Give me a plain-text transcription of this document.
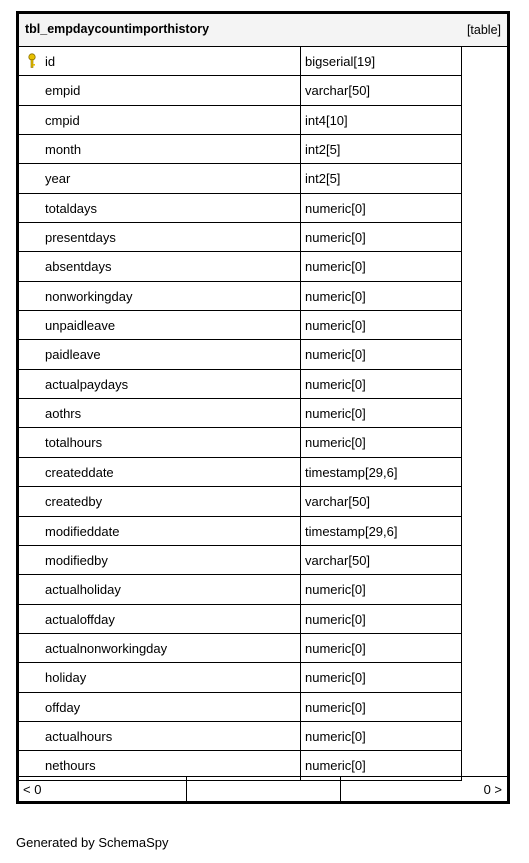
tbl_empdaycountimporthistory	[table]
id	bigserial[19]
empid	varchar[50]
cmpid	int4[10]
month	int2[5]
year	int2[5]
totaldays	numeric[0]
presentdays	numeric[0]
absentdays	numeric[0]
nonworkingday	numeric[0]
unpaidleave	numeric[0]
paidleave	numeric[0]
actualpaydays	numeric[0]
aothrs	numeric[0]
totalhours	numeric[0]
createddate	timestamp[29,6]
createdby	varchar[50]
modifieddate	timestamp[29,6]
modifiedby	varchar[50]
actualholiday	numeric[0]
actualoffday	numeric[0]
actualnonworkingday	numeric[0]
holiday	numeric[0]
offday	numeric[0]
actualhours	numeric[0]
nethours	numeric[0]
< 0	0 >
Generated by SchemaSpy
